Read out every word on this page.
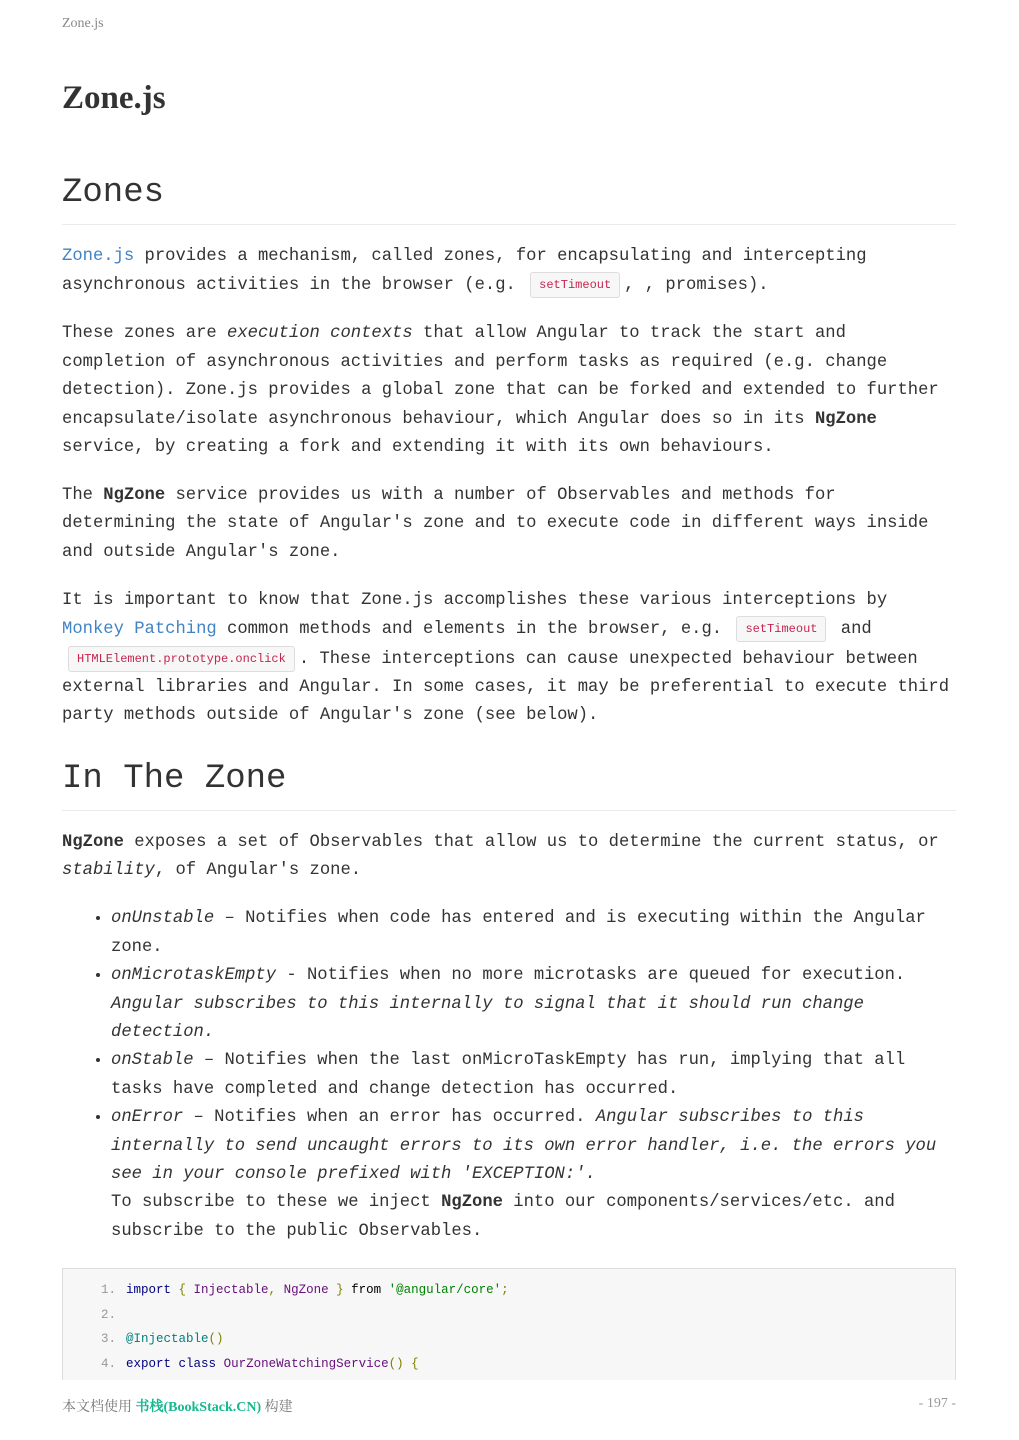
Zone.js
Zone.js
Zones

Zone.js provides a mechanism, called zones, for encapsulating and intercepting asynchronous activities in the browser (e.g. setTimeout , , promises).

These zones are execution contexts that allow Angular to track the start and completion of asynchronous activities and perform tasks as required (e.g. change detection). Zone.js provides a global zone that can be forked and extended to further encapsulate/isolate asynchronous behaviour, which Angular does so in its NgZone service, by creating a fork and extending it with its own behaviours.

The NgZone service provides us with a number of Observables and methods for determining the state of Angular's zone and to execute code in different ways inside and outside Angular's zone.

It is important to know that Zone.js accomplishes these various interceptions by Monkey Patching common methods and elements in the browser, e.g. setTimeout and HTMLElement.prototype.onclick . These interceptions can cause unexpected behaviour between external libraries and Angular. In some cases, it may be preferential to execute third party methods outside of Angular's zone (see below).

In The Zone

NgZone exposes a set of Observables that allow us to determine the current status, or stability, of Angular's zone.

• onUnstable – Notifies when code has entered and is executing within the Angular zone.
• onMicrotaskEmpty - Notifies when no more microtasks are queued for execution. Angular subscribes to this internally to signal that it should run change detection.
• onStable – Notifies when the last onMicroTaskEmpty has run, implying that all tasks have completed and change detection has occurred.
• onError – Notifies when an error has occurred. Angular subscribes to this internally to send uncaught errors to its own error handler, i.e. the errors you see in your console prefixed with 'EXCEPTION:'.
To subscribe to these we inject NgZone into our components/services/etc. and subscribe to the public Observables.
1. import { Injectable, NgZone } from '@angular/core';
2.
3. @Injectable()
4. export class OurZoneWatchingService() {
本文档使用 书栈(BookStack.CN) 构建	- 197 -
